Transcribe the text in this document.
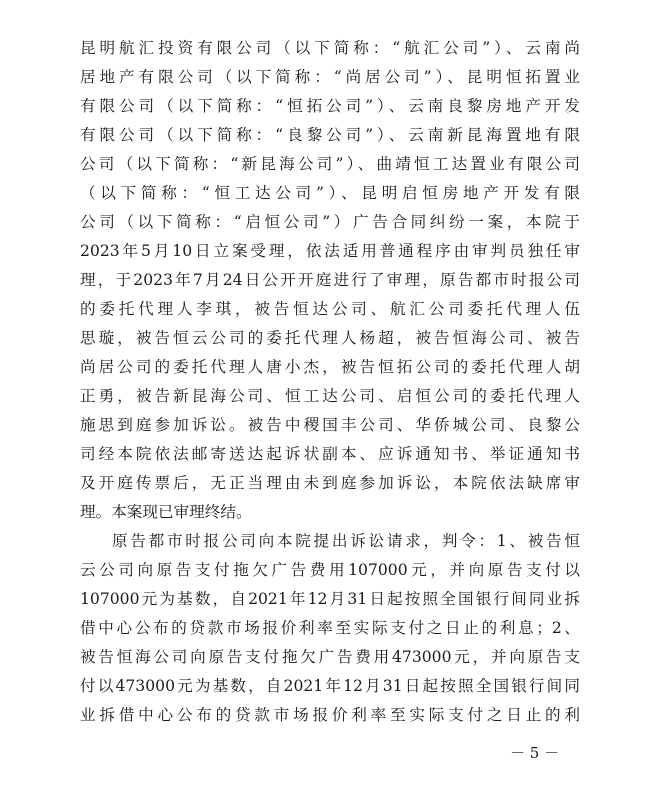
昆明航汇投资有限公司（以下简称：“航汇公司”）、云南尚
居地产有限公司（以下简称：“尚居公司”）、昆明恒拓置业
有限公司（以下简称：“恒拓公司”）、云南良黎房地产开发
有限公司（以下简称：“良黎公司”）、云南新昆海置地有限
公司（以下简称：“新昆海公司”）、曲靖恒工达置业有限公司
（以下简称：“恒工达公司”）、昆明启恒房地产开发有限
公司（以下简称：“启恒公司”）广告合同纠纷一案，本院于
2023年5月10日立案受理，依法适用普通程序由审判员独任审
理，于2023年7月24日公开开庭进行了审理，原告都市时报公司
的委托代理人李琪，被告恒达公司、航汇公司委托代理人伍
思璇，被告恒云公司的委托代理人杨超，被告恒海公司、被告
尚居公司的委托代理人唐小杰，被告恒拓公司的委托代理人胡
正勇，被告新昆海公司、恒工达公司、启恒公司的委托代理人
施思到庭参加诉讼。被告中稷国丰公司、华侨城公司、良黎公
司经本院依法邮寄送达起诉状副本、应诉通知书、举证通知书
及开庭传票后，无正当理由未到庭参加诉讼，本院依法缺席审
理。本案现已审理终结。
原告都市时报公司向本院提出诉讼请求，判令：1、被告恒
云公司向原告支付拖欠广告费用107000元，并向原告支付以
107000元为基数，自2021年12月31日起按照全国银行间同业拆
借中心公布的贷款市场报价利率至实际支付之日止的利息；2、
被告恒海公司向原告支付拖欠广告费用473000元，并向原告支
付以473000元为基数，自2021年12月31日起按照全国银行间同
业拆借中心公布的贷款市场报价利率至实际支付之日止的利
－ 5 －
